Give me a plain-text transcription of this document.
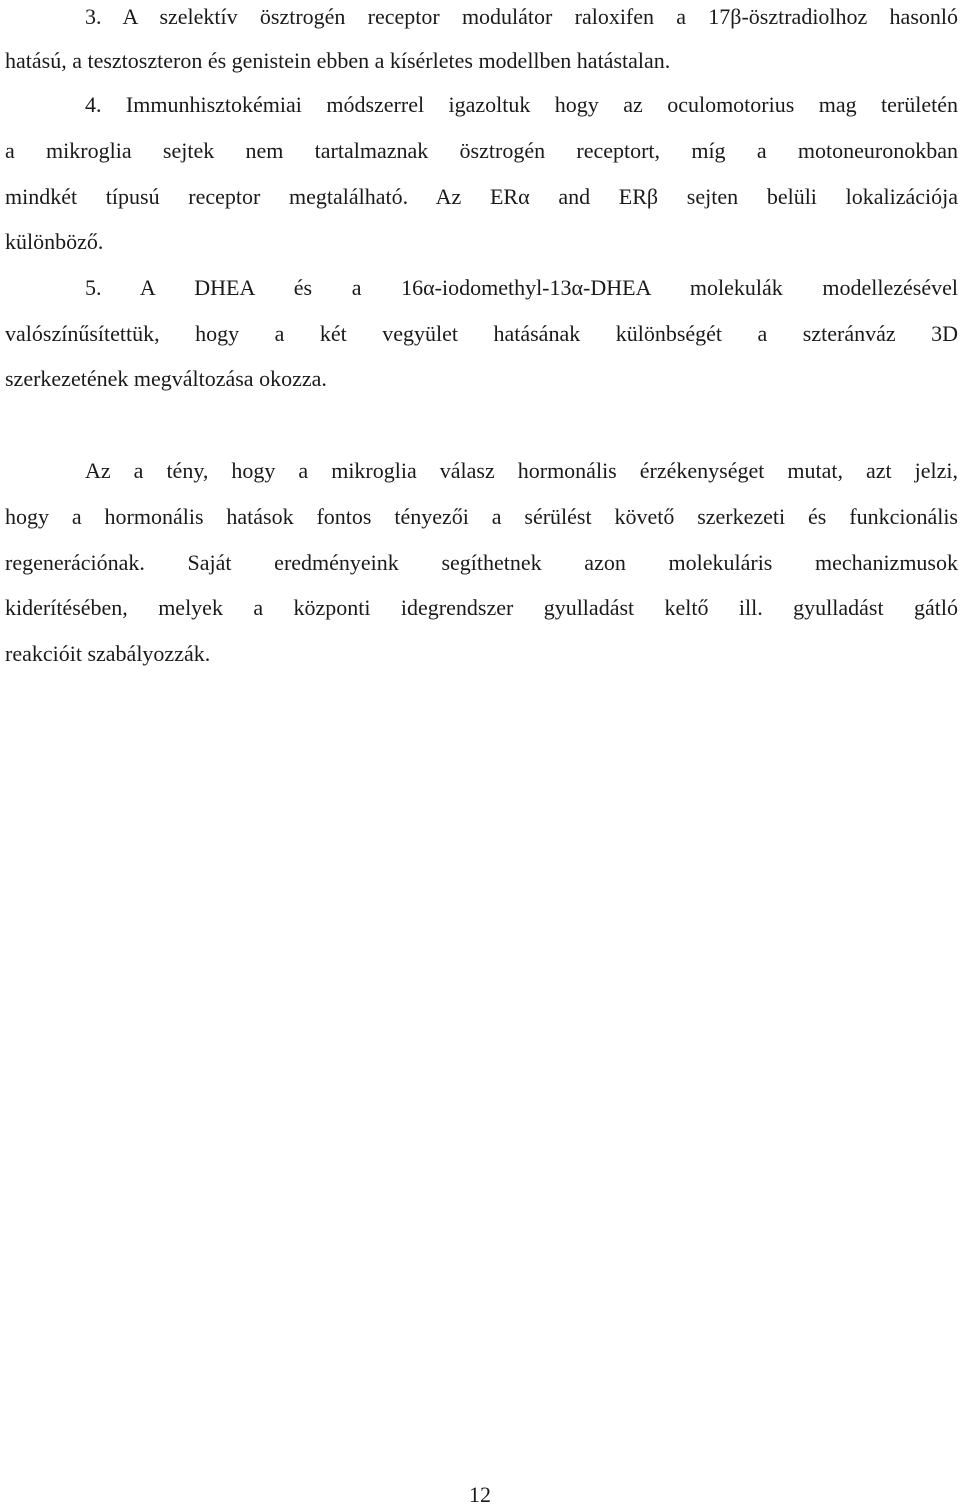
3. A szelektív ösztrogén receptor modulátor raloxifen a 17β-ösztradiolhoz hasonló
hatású, a tesztoszteron és genistein ebben a kísérletes modellben hatástalan.
4. Immunhisztokémiai módszerrel igazoltuk hogy az oculomotorius mag területén
a mikroglia sejtek nem tartalmaznak ösztrogén receptort, míg a motoneuronokban
mindkét típusú receptor megtalálható. Az ERα and ERβ sejten belüli lokalizációja
különböző.
5. A DHEA és a 16α-iodomethyl-13α-DHEA molekulák modellezésével
valószínűsítettük, hogy a két vegyület hatásának különbségét a szteránváz 3D
szerkezetének megváltozása okozza.
Az a tény, hogy a mikroglia válasz hormonális érzékenységet mutat, azt jelzi,
hogy a hormonális hatások fontos tényezői a sérülést követő szerkezeti és funkcionális
regenerációnak. Saját eredményeink segíthetnek azon molekuláris mechanizmusok
kiderítésében, melyek a központi idegrendszer gyulladást keltő ill. gyulladást gátló
reakcióit szabályozzák.
12
